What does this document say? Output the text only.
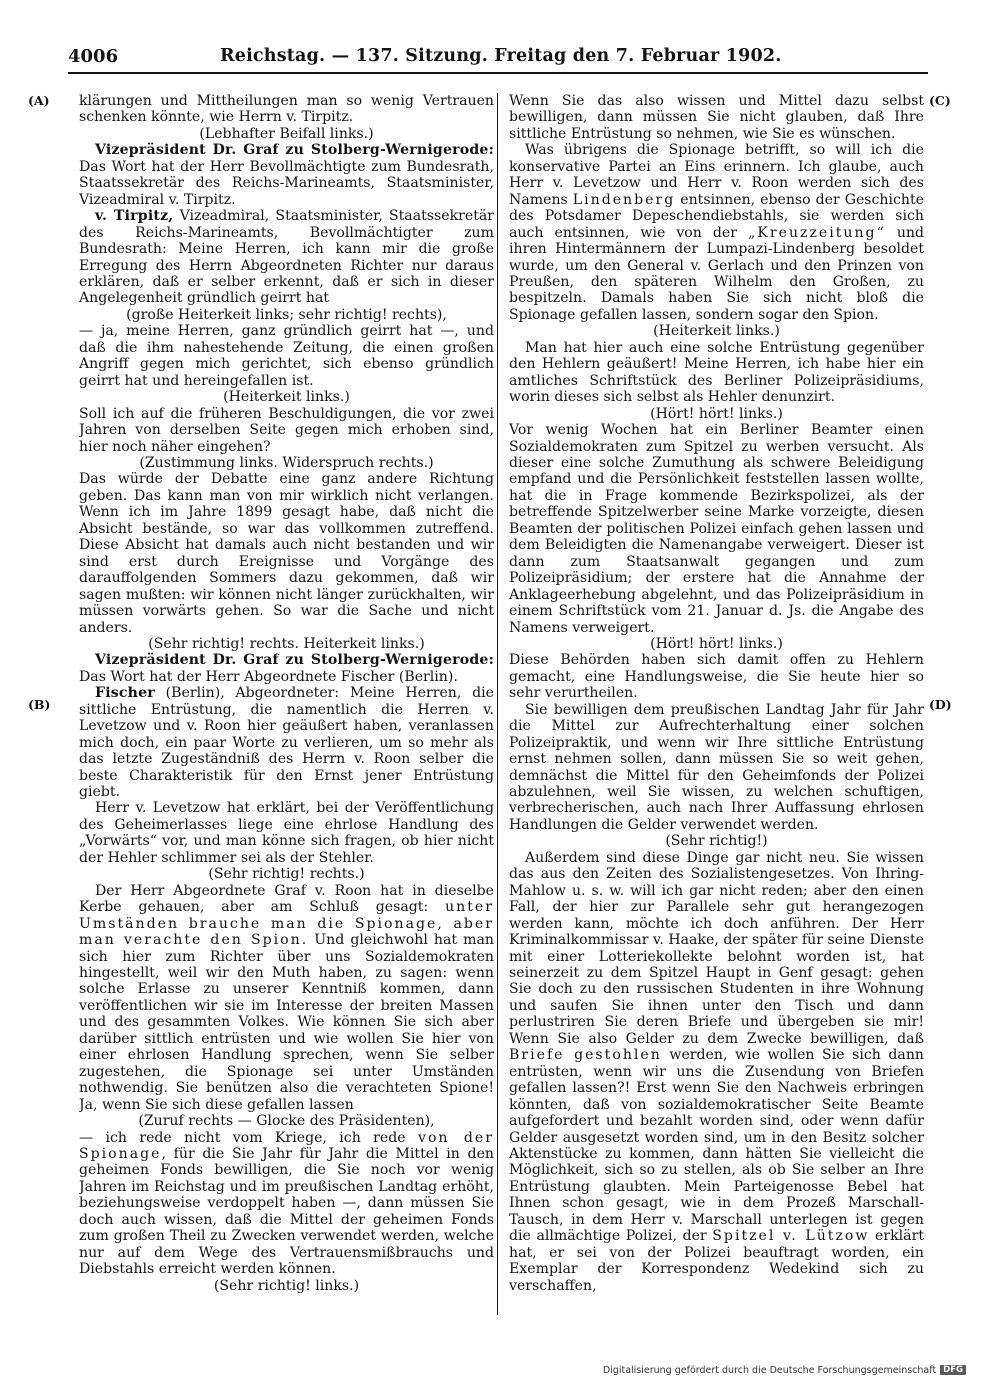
4006	Reichstag. — 137. Sitzung. Freitag den 7. Februar 1902.
(A)
(B)
(C)
(D)

klärungen und Mittheilungen man so wenig Vertrauen schenken könnte, wie Herrn v. Tirpitz.

(Lebhafter Beifall links.)

Vizepräsident Dr. Graf zu Stolberg-Wernigerode: Das Wort hat der Herr Bevollmächtigte zum Bundesrath, Staatssekretär des Reichs-Marineamts, Staatsminister, Vizeadmiral v. Tirpitz.

v. Tirpitz, Vizeadmiral, Staatsminister, Staatssekretär des Reichs-Marineamts, Bevollmächtigter zum Bundesrath: Meine Herren, ich kann mir die große Erregung des Herrn Abgeordneten Richter nur daraus erklären, daß er selber erkennt, daß er sich in dieser Angelegenheit gründlich geirrt hat

(große Heiterkeit links; sehr richtig! rechts),

— ja, meine Herren, ganz gründlich geirrt hat —, und daß die ihm nahestehende Zeitung, die einen großen Angriff gegen mich gerichtet, sich ebenso gründlich geirrt hat und hereingefallen ist.

(Heiterkeit links.)

Soll ich auf die früheren Beschuldigungen, die vor zwei Jahren von derselben Seite gegen mich erhoben sind, hier noch näher eingehen?

(Zustimmung links. Widerspruch rechts.)

Das würde der Debatte eine ganz andere Richtung geben. Das kann man von mir wirklich nicht verlangen. Wenn ich im Jahre 1899 gesagt habe, daß nicht die Absicht bestände, so war das vollkommen zutreffend. Diese Absicht hat damals auch nicht bestanden und wir sind erst durch Ereignisse und Vorgänge des darauffolgenden Sommers dazu gekommen, daß wir sagen mußten: wir können nicht länger zurückhalten, wir müssen vorwärts gehen. So war die Sache und nicht anders.

(Sehr richtig! rechts. Heiterkeit links.)

Vizepräsident Dr. Graf zu Stolberg-Wernigerode: Das Wort hat der Herr Abgeordnete Fischer (Berlin).

Fischer (Berlin), Abgeordneter: Meine Herren, die sittliche Entrüstung, die namentlich die Herren v. Levetzow und v. Roon hier geäußert haben, veranlassen mich doch, ein paar Worte zu verlieren, um so mehr als das letzte Zugeständniß des Herrn v. Roon selber die beste Charakteristik für den Ernst jener Entrüstung giebt.

Herr v. Levetzow hat erklärt, bei der Veröffentlichung des Geheimerlasses liege eine ehrlose Handlung des „Vorwärts“ vor, und man könne sich fragen, ob hier nicht der Hehler schlimmer sei als der Stehler.

(Sehr richtig! rechts.)

Der Herr Abgeordnete Graf v. Roon hat in dieselbe Kerbe gehauen, aber am Schluß gesagt: unter Umständen brauche man die Spionage, aber man verachte den Spion. Und gleichwohl hat man sich hier zum Richter über uns Sozialdemokraten hingestellt, weil wir den Muth haben, zu sagen: wenn solche Erlasse zu unserer Kenntniß kommen, dann veröffentlichen wir sie im Interesse der breiten Massen und des gesammten Volkes. Wie können Sie sich aber darüber sittlich entrüsten und wie wollen Sie hier von einer ehrlosen Handlung sprechen, wenn Sie selber zugestehen, die Spionage sei unter Umständen nothwendig. Sie benützen also die verachteten Spione! Ja, wenn Sie sich diese gefallen lassen

(Zuruf rechts — Glocke des Präsidenten),

— ich rede nicht vom Kriege, ich rede von der Spionage, für die Sie Jahr für Jahr die Mittel in den geheimen Fonds bewilligen, die Sie noch vor wenig Jahren im Reichstag und im preußischen Landtag erhöht, beziehungsweise verdoppelt haben —, dann müssen Sie doch auch wissen, daß die Mittel der geheimen Fonds zum großen Theil zu Zwecken verwendet werden, welche nur auf dem Wege des Vertrauensmißbrauchs und Diebstahls erreicht werden können.

(Sehr richtig! links.)

Wenn Sie das also wissen und Mittel dazu selbst bewilligen, dann müssen Sie nicht glauben, daß Ihre sittliche Entrüstung so nehmen, wie Sie es wünschen.

Was übrigens die Spionage betrifft, so will ich die konservative Partei an Eins erinnern. Ich glaube, auch Herr v. Levetzow und Herr v. Roon werden sich des Namens Lindenberg entsinnen, ebenso der Geschichte des Potsdamer Depeschendiebstahls, sie werden sich auch entsinnen, wie von der „Kreuzzeitung“ und ihren Hintermännern der Lumpazi-Lindenberg besoldet wurde, um den General v. Gerlach und den Prinzen von Preußen, den späteren Wilhelm den Großen, zu bespitzeln. Damals haben Sie sich nicht bloß die Spionage gefallen lassen, sondern sogar den Spion.

(Heiterkeit links.)

Man hat hier auch eine solche Entrüstung gegenüber den Hehlern geäußert! Meine Herren, ich habe hier ein amtliches Schriftstück des Berliner Polizeipräsidiums, worin dieses sich selbst als Hehler denunzirt.

(Hört! hört! links.)

Vor wenig Wochen hat ein Berliner Beamter einen Sozialdemokraten zum Spitzel zu werben versucht. Als dieser eine solche Zumuthung als schwere Beleidigung empfand und die Persönlichkeit feststellen lassen wollte, hat die in Frage kommende Bezirkspolizei, als der betreffende Spitzelwerber seine Marke vorzeigte, diesen Beamten der politischen Polizei einfach gehen lassen und dem Beleidigten die Namenangabe verweigert. Dieser ist dann zum Staatsanwalt gegangen und zum Polizeipräsidium; der erstere hat die Annahme der Anklageerhebung abgelehnt, und das Polizeipräsidium in einem Schriftstück vom 21. Januar d. Js. die Angabe des Namens verweigert.

(Hört! hört! links.)

Diese Behörden haben sich damit offen zu Hehlern gemacht, eine Handlungsweise, die Sie heute hier so sehr verurtheilen.

Sie bewilligen dem preußischen Landtag Jahr für Jahr die Mittel zur Aufrechterhaltung einer solchen Polizeipraktik, und wenn wir Ihre sittliche Entrüstung ernst nehmen sollen, dann müssen Sie so weit gehen, demnächst die Mittel für den Geheimfonds der Polizei abzulehnen, weil Sie wissen, zu welchen schuftigen, verbrecherischen, auch nach Ihrer Auffassung ehrlosen Handlungen die Gelder verwendet werden.

(Sehr richtig!)

Außerdem sind diese Dinge gar nicht neu. Sie wissen das aus den Zeiten des Sozialistengesetzes. Von Ihring-Mahlow u. s. w. will ich gar nicht reden; aber den einen Fall, der hier zur Parallele sehr gut herangezogen werden kann, möchte ich doch anführen. Der Herr Kriminalkommissar v. Haake, der später für seine Dienste mit einer Lotteriekollekte belohnt worden ist, hat seinerzeit zu dem Spitzel Haupt in Genf gesagt: gehen Sie doch zu den russischen Studenten in ihre Wohnung und saufen Sie ihnen unter den Tisch und dann perlustriren Sie deren Briefe und übergeben sie mir! Wenn Sie also Gelder zu dem Zwecke bewilligen, daß Briefe gestohlen werden, wie wollen Sie sich dann entrüsten, wenn wir uns die Zusendung von Briefen gefallen lassen?! Erst wenn Sie den Nachweis erbringen könnten, daß von sozialdemokratischer Seite Beamte aufgefordert und bezahlt worden sind, oder wenn dafür Gelder ausgesetzt worden sind, um in den Besitz solcher Aktenstücke zu kommen, dann hätten Sie vielleicht die Möglichkeit, sich so zu stellen, als ob Sie selber an Ihre Entrüstung glaubten. Mein Parteigenosse Bebel hat Ihnen schon gesagt, wie in dem Prozeß Marschall-Tausch, in dem Herr v. Marschall unterlegen ist gegen die allmächtige Polizei, der Spitzel v. Lützow erklärt hat, er sei von der Polizei beauftragt worden, ein Exemplar der Korrespondenz Wedekind sich zu verschaffen,

Digitalisierung gefördert durch die Deutsche Forschungsgemeinschaft DFG
